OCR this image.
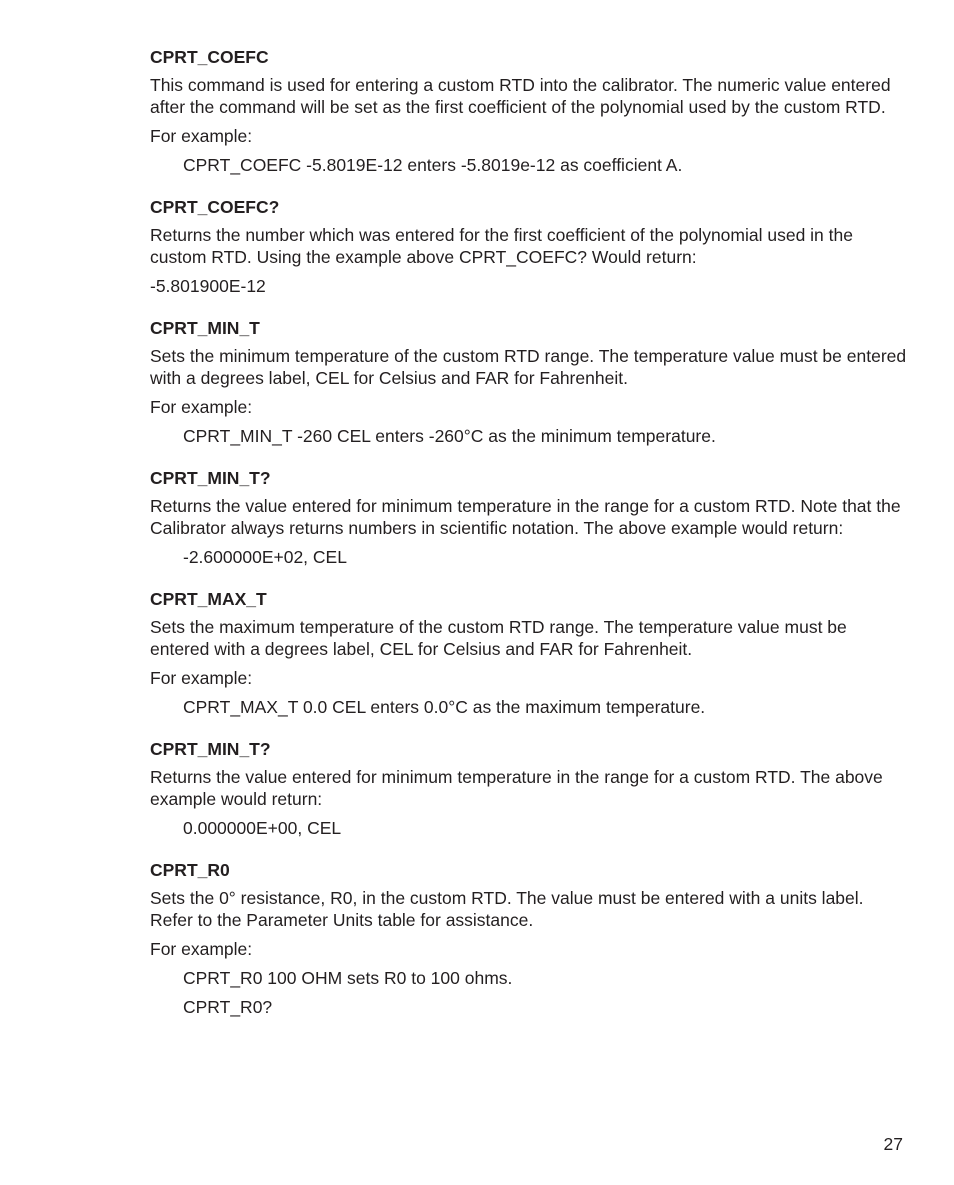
CPRT_COEFC
This command is used for entering a custom RTD into the calibrator. The numeric value entered after the command will be set as the first coefficient of the polynomial used by the custom RTD.
For example:
CPRT_COEFC -5.8019E-12 enters -5.8019e-12 as coefficient A.
CPRT_COEFC?
Returns the number which was entered for the first coefficient of the polynomial used in the custom RTD. Using the example above CPRT_COEFC? Would return:
-5.801900E-12
CPRT_MIN_T
Sets the minimum temperature of the custom RTD range. The temperature value must be entered with a degrees label, CEL for Celsius and FAR for Fahrenheit.
For example:
CPRT_MIN_T -260 CEL enters -260°C as the minimum temperature.
CPRT_MIN_T?
Returns the value entered for minimum temperature in the range for a custom RTD. Note that the Calibrator always returns numbers in scientific notation. The above example would return:
-2.600000E+02, CEL
CPRT_MAX_T
Sets the maximum temperature of the custom RTD range. The temperature value must be entered with a degrees label, CEL for Celsius and FAR for Fahrenheit.
For example:
CPRT_MAX_T 0.0 CEL enters 0.0°C as the maximum temperature.
CPRT_MIN_T?
Returns the value entered for minimum temperature in the range for a custom RTD. The above example would return:
0.000000E+00, CEL
CPRT_R0
Sets the 0° resistance, R0, in the custom RTD. The value must be entered with a units label. Refer to the Parameter Units table for assistance.
For example:
CPRT_R0 100 OHM sets R0 to 100 ohms.
CPRT_R0?
27
